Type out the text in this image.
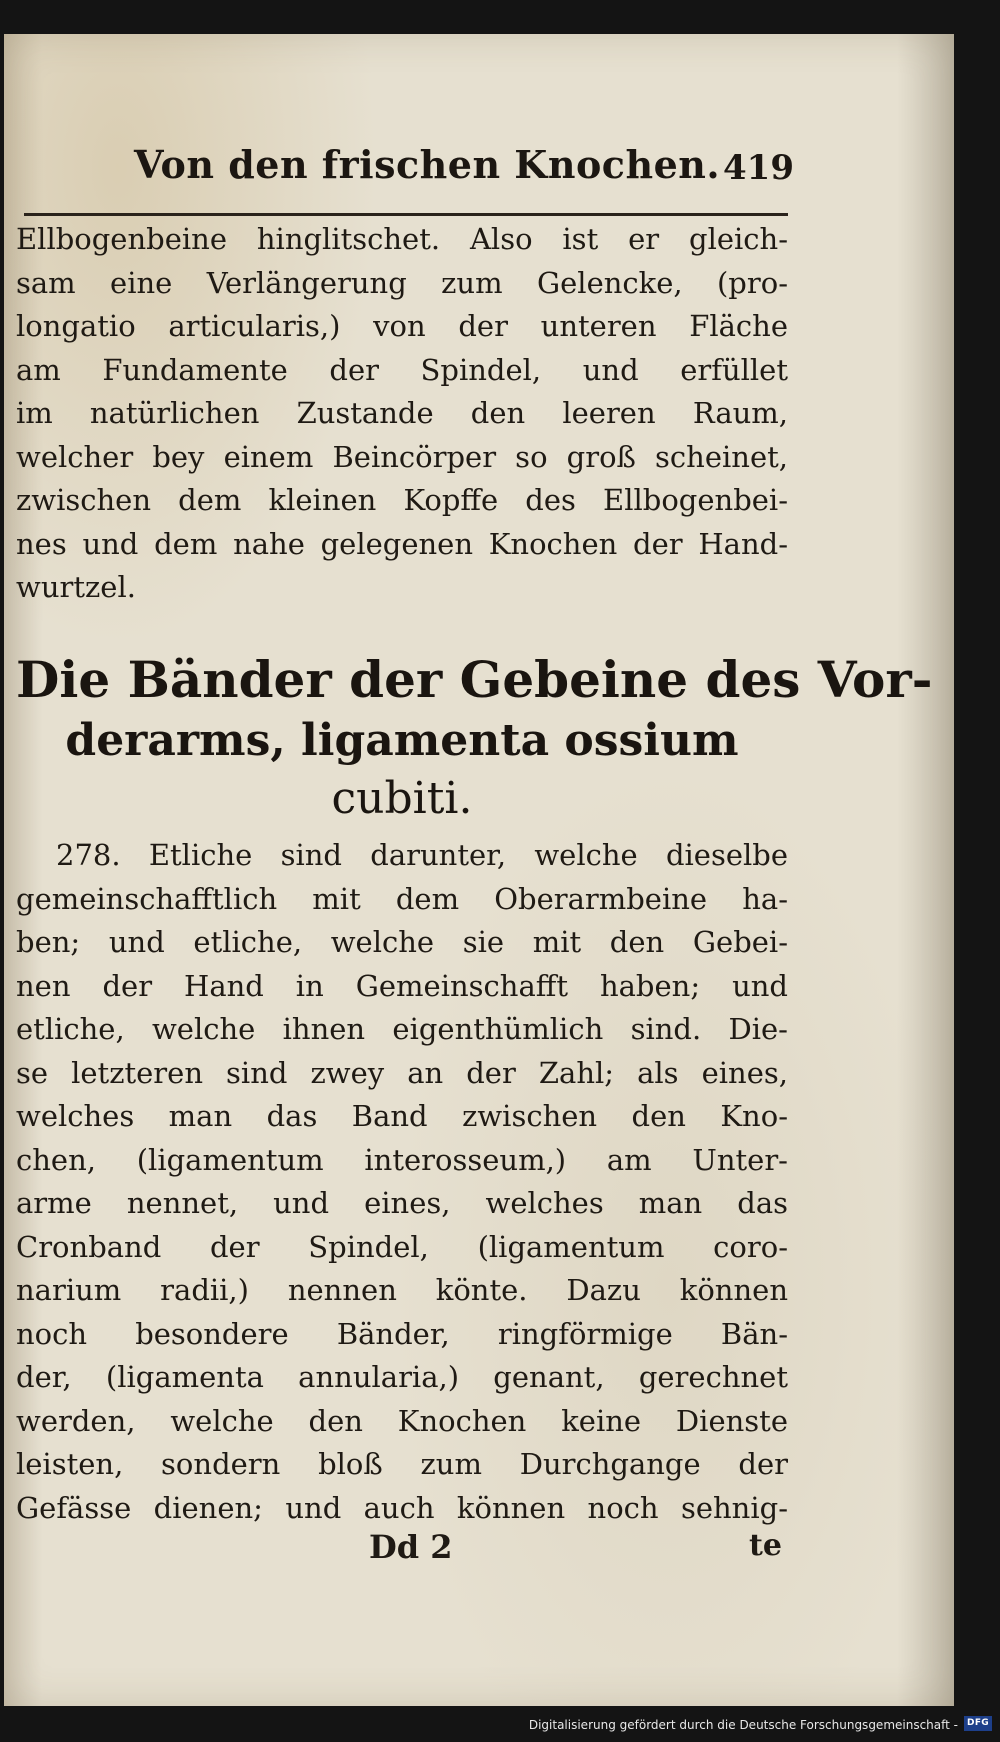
Von den frischen Knochen. 419
Ellbogenbeine hinglitschet. Also ist er gleich-
sam eine Verlängerung zum Gelencke, (pro-
longatio articularis,) von der unteren Fläche
am Fundamente der Spindel, und erfüllet
im natürlichen Zustande den leeren Raum,
welcher bey einem Beincörper so groß scheinet,
zwischen dem kleinen Kopffe des Ellbogenbei-
nes und dem nahe gelegenen Knochen der Hand-
wurtzel.
Die Bänder der Gebeine des Vor-
derarms, ligamenta ossium
cubiti.
278. Etliche sind darunter, welche dieselbe
gemeinschafftlich mit dem Oberarmbeine ha-
ben; und etliche, welche sie mit den Gebei-
nen der Hand in Gemeinschafft haben; und
etliche, welche ihnen eigenthümlich sind. Die-
se letzteren sind zwey an der Zahl; als eines,
welches man das Band zwischen den Kno-
chen, (ligamentum interosseum,) am Unter-
arme nennet, und eines, welches man das
Cronband der Spindel, (ligamentum coro-
narium radii,) nennen könte. Dazu können
noch besondere Bänder, ringförmige Bän-
der, (ligamenta annularia,) genant, gerechnet
werden, welche den Knochen keine Dienste
leisten, sondern bloß zum Durchgange der
Gefässe dienen; und auch können noch sehnig-
Dd 2	te
Digitalisierung gefördert durch die Deutsche Forschungsgemeinschaft -	DFG
